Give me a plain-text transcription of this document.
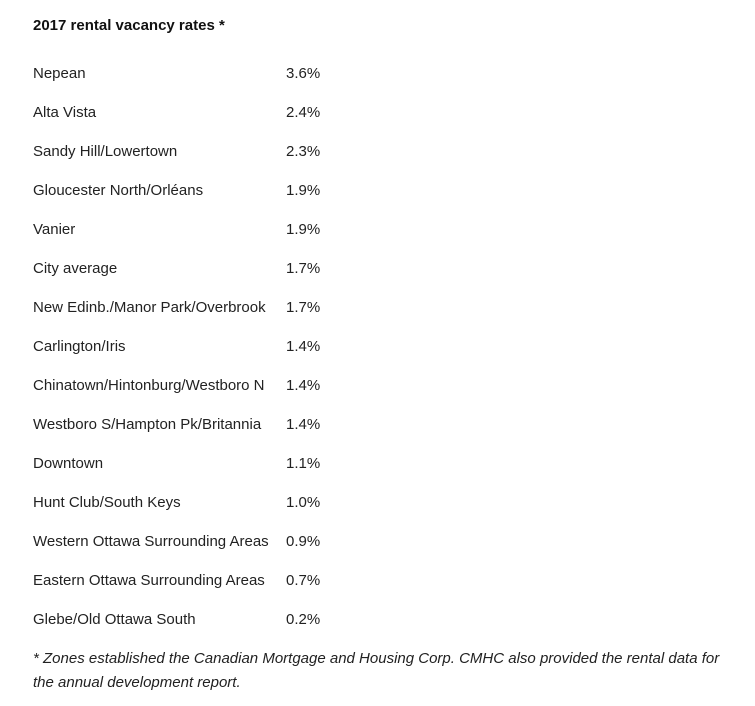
2017 rental vacancy rates *
Nepean	3.6%
Alta Vista	2.4%
Sandy Hill/Lowertown	2.3%
Gloucester North/Orléans	1.9%
Vanier	1.9%
City average	1.7%
New Edinb./Manor Park/Overbrook	1.7%
Carlington/Iris	1.4%
Chinatown/Hintonburg/Westboro N	1.4%
Westboro S/Hampton Pk/Britannia	1.4%
Downtown	1.1%
Hunt Club/South Keys	1.0%
Western Ottawa Surrounding Areas	0.9%
Eastern Ottawa Surrounding Areas	0.7%
Glebe/Old Ottawa South	0.2%
* Zones established the Canadian Mortgage and Housing Corp. CMHC also provided the rental data for the annual development report.
